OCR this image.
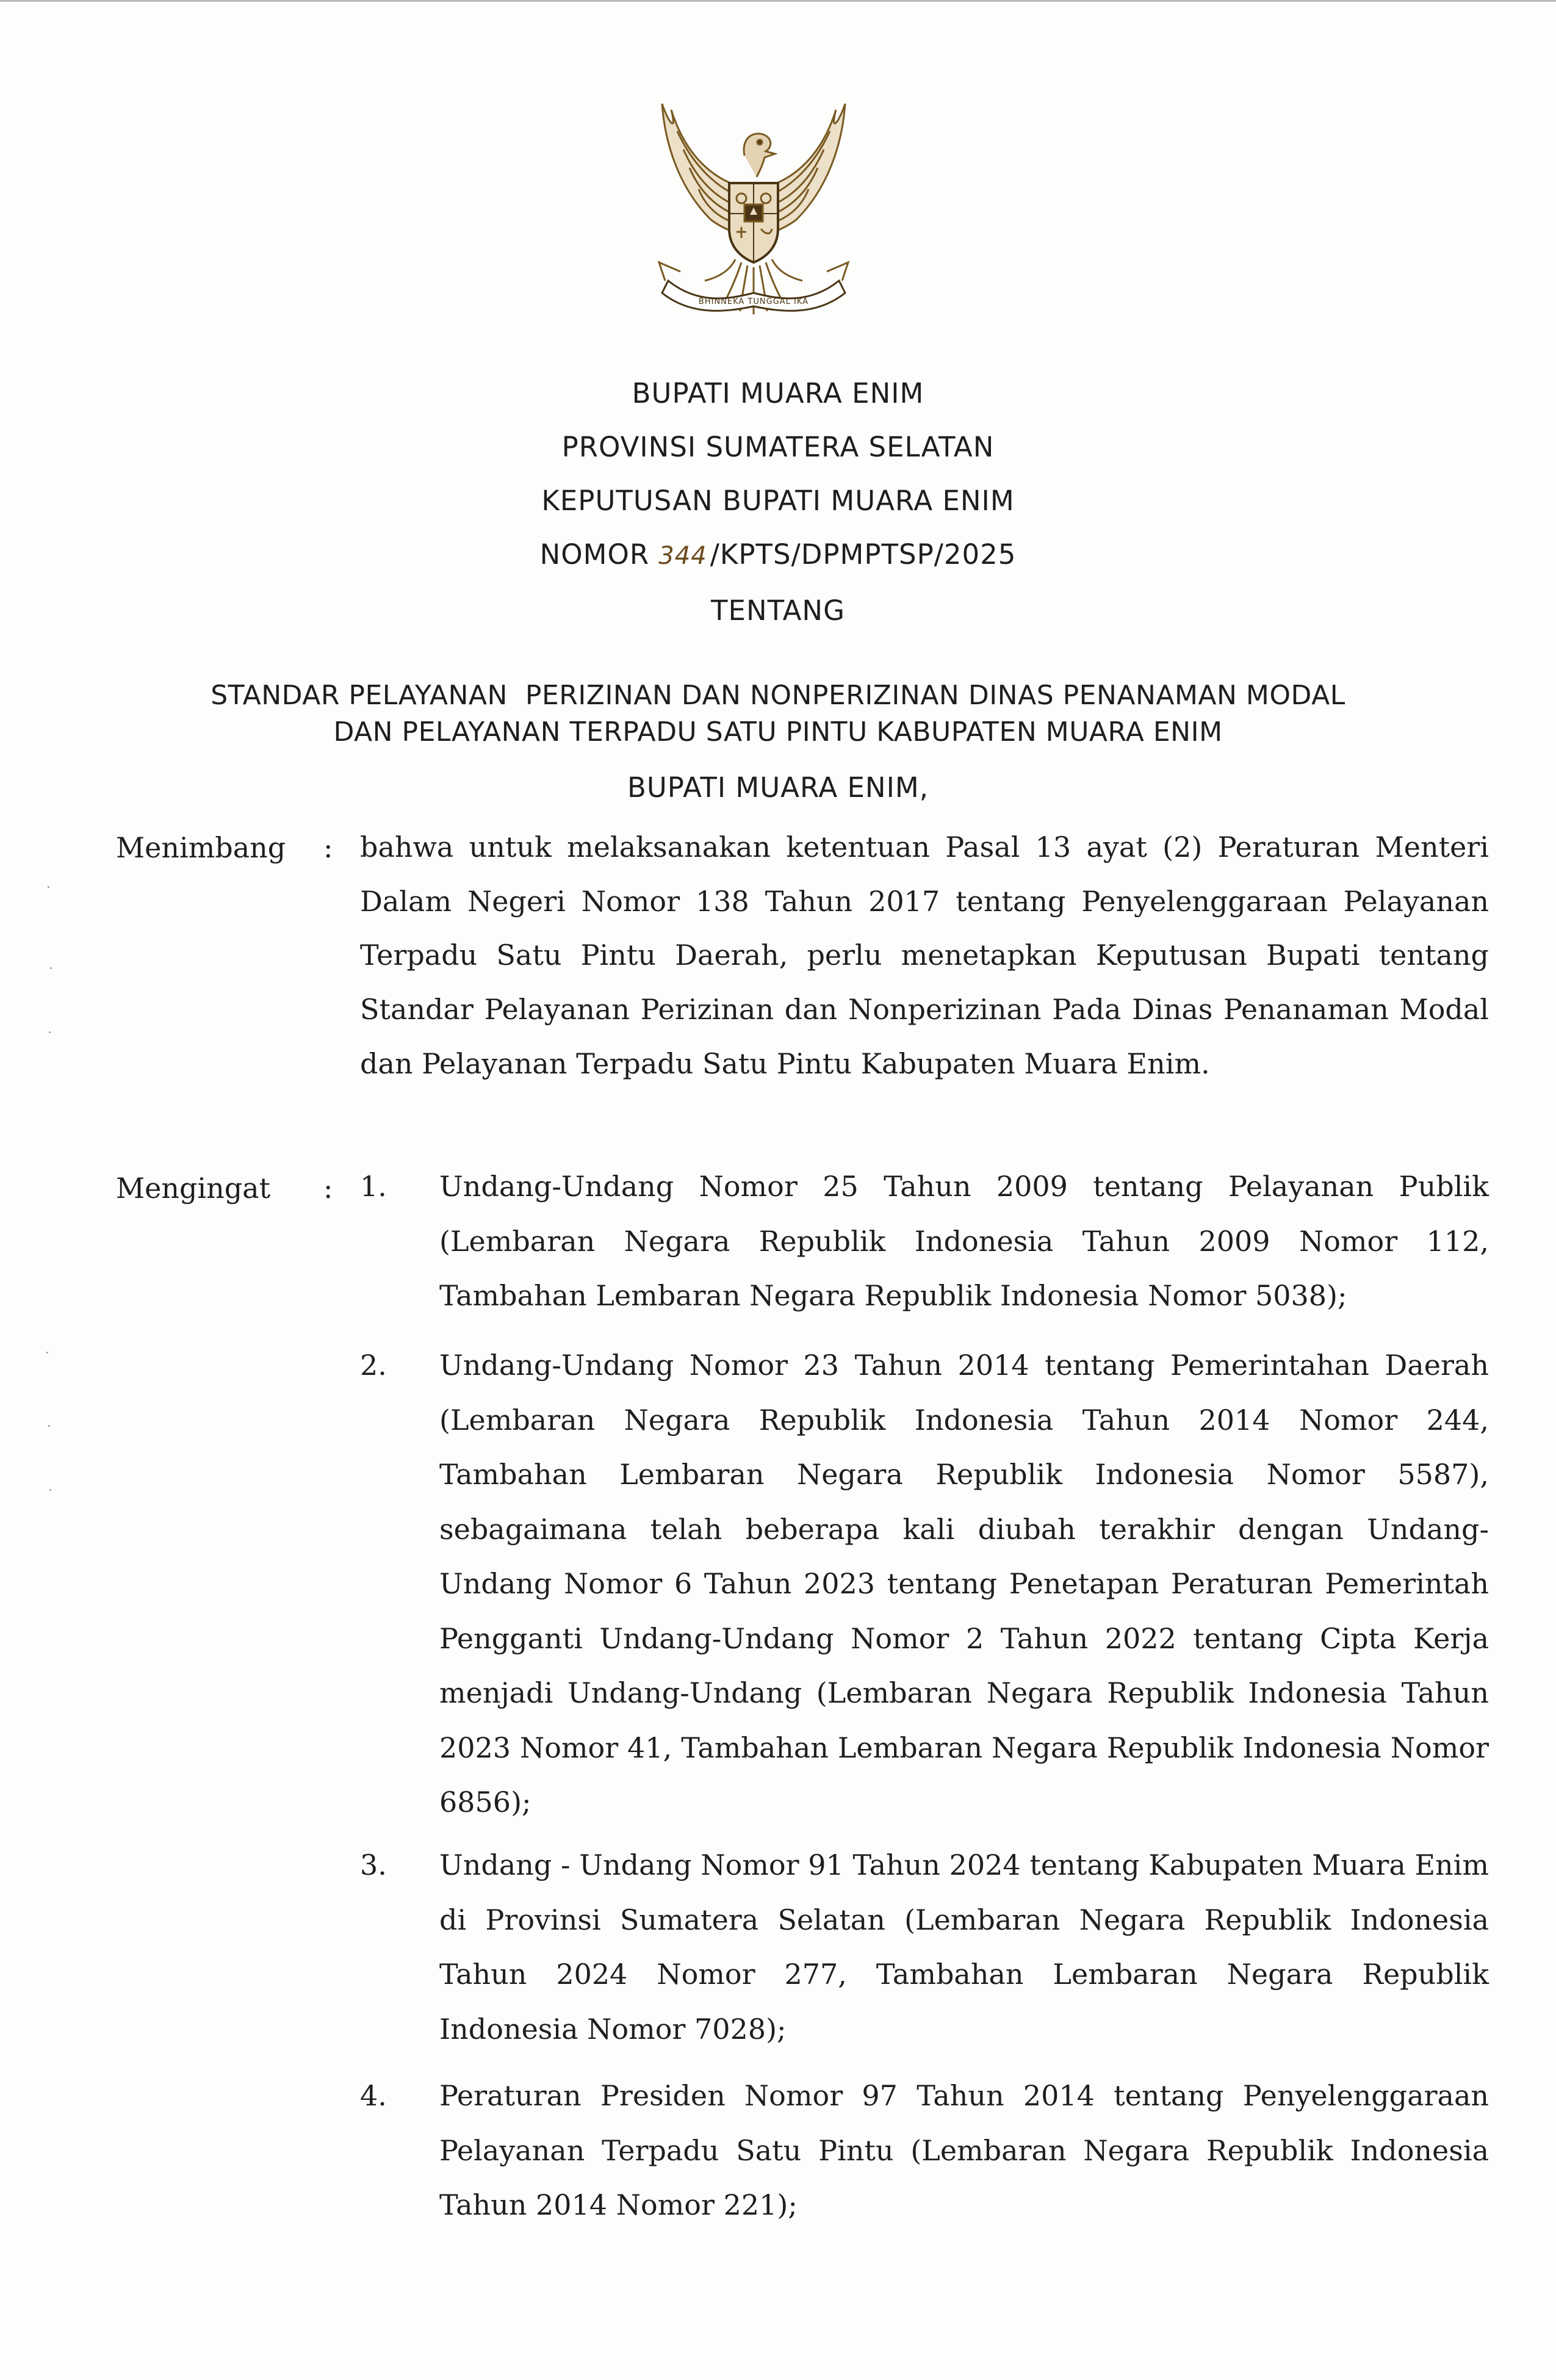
BHINNEKA TUNGGAL IKA
BUPATI MUARA ENIM
PROVINSI SUMATERA SELATAN
KEPUTUSAN BUPATI MUARA ENIM
NOMOR 344 /KPTS/DPMPTSP/2025
TENTANG
STANDAR PELAYANAN  PERIZINAN DAN NONPERIZINAN DINAS PENANAMAN MODAL
DAN PELAYANAN TERPADU SATU PINTU KABUPATEN MUARA ENIM
BUPATI MUARA ENIM,
Menimbang : bahwa untuk melaksanakan ketentuan Pasal 13 ayat (2) Peraturan Menteri Dalam Negeri Nomor 138 Tahun 2017 tentang Penyelenggaraan Pelayanan Terpadu Satu Pintu Daerah, perlu menetapkan Keputusan Bupati tentang Standar Pelayanan Perizinan dan Nonperizinan Pada Dinas Penanaman Modal dan Pelayanan Terpadu Satu Pintu Kabupaten Muara Enim.
Mengingat : 1.	Undang-Undang Nomor 25 Tahun 2009 tentang Pelayanan Publik (Lembaran Negara Republik Indonesia Tahun 2009 Nomor 112, Tambahan Lembaran Negara Republik Indonesia Nomor 5038);
2.	Undang-Undang Nomor 23 Tahun 2014 tentang Pemerintahan Daerah (Lembaran Negara Republik Indonesia Tahun 2014 Nomor 244, Tambahan Lembaran Negara Republik Indonesia Nomor 5587), sebagaimana telah beberapa kali diubah terakhir dengan Undang-Undang Nomor 6 Tahun 2023 tentang Penetapan Peraturan Pemerintah Pengganti Undang-Undang Nomor 2 Tahun 2022 tentang Cipta Kerja menjadi Undang-Undang (Lembaran Negara Republik Indonesia Tahun 2023 Nomor 41, Tambahan Lembaran Negara Republik Indonesia Nomor 6856);
3.	Undang - Undang Nomor 91 Tahun 2024 tentang Kabupaten Muara Enim di Provinsi Sumatera Selatan (Lembaran Negara Republik Indonesia Tahun 2024 Nomor 277, Tambahan Lembaran Negara Republik Indonesia Nomor 7028);
4.	Peraturan Presiden Nomor 97 Tahun 2014 tentang Penyelenggaraan Pelayanan Terpadu Satu Pintu (Lembaran Negara Republik Indonesia Tahun 2014 Nomor 221);
